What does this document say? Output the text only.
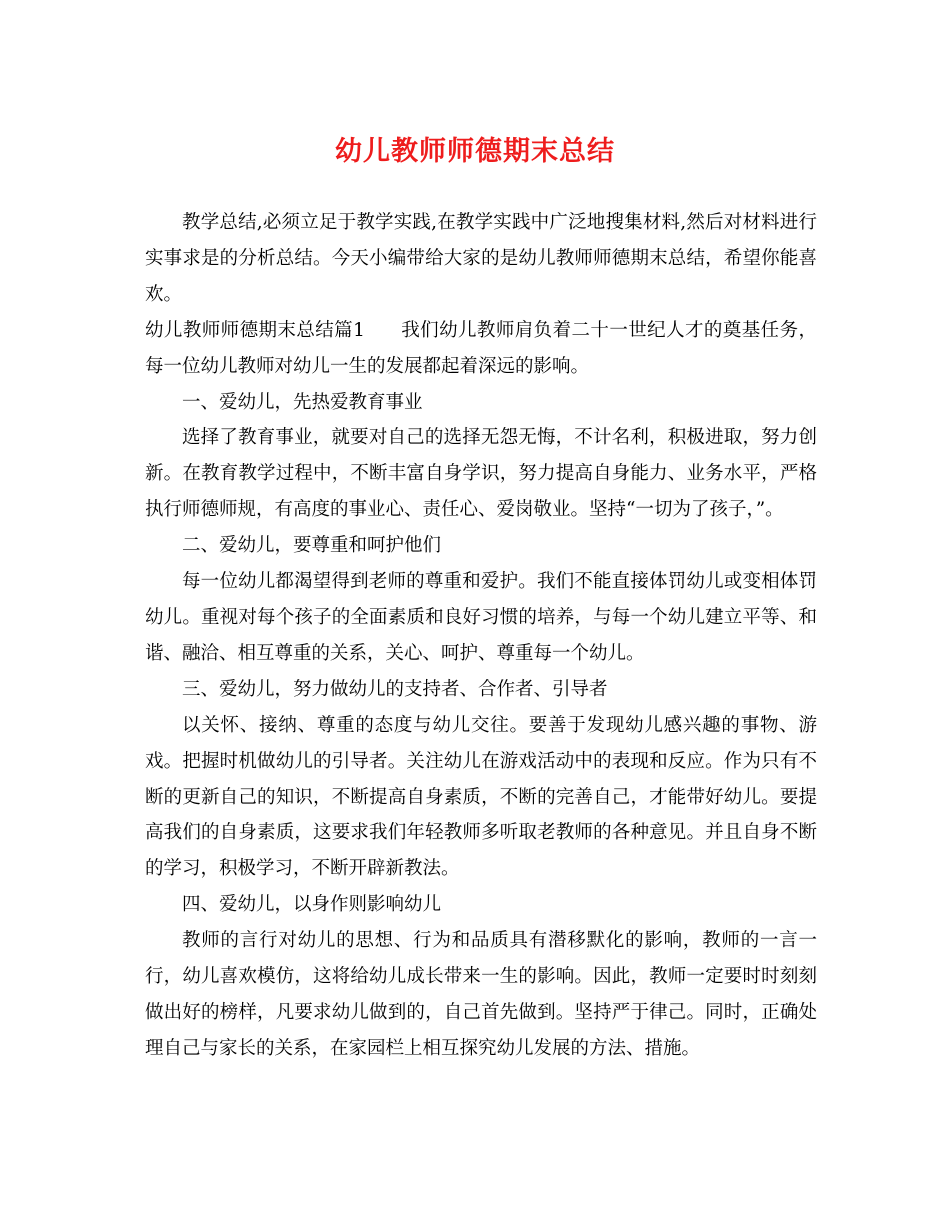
幼儿教师师德期末总结

教学总结,必须立足于教学实践,在教学实践中广泛地搜集材料,然后对材料进行实事求是的分析总结。今天小编带给大家的是幼儿教师师德期末总结，希望你能喜欢。

幼儿教师师德期末总结篇1 我们幼儿教师肩负着二十一世纪人才的奠基任务，每一位幼儿教师对幼儿一生的发展都起着深远的影响。

一、爱幼儿，先热爱教育事业

选择了教育事业，就要对自己的选择无怨无悔，不计名利，积极进取，努力创新。在教育教学过程中，不断丰富自身学识，努力提高自身能力、业务水平，严格执行师德师规，有高度的事业心、责任心、爱岗敬业。坚持“一切为了孩子，”。

二、爱幼儿，要尊重和呵护他们

每一位幼儿都渴望得到老师的尊重和爱护。我们不能直接体罚幼儿或变相体罚幼儿。重视对每个孩子的全面素质和良好习惯的培养，与每一个幼儿建立平等、和谐、融洽、相互尊重的关系，关心、呵护、尊重每一个幼儿。

三、爱幼儿，努力做幼儿的支持者、合作者、引导者

以关怀、接纳、尊重的态度与幼儿交往。要善于发现幼儿感兴趣的事物、游戏。把握时机做幼儿的引导者。关注幼儿在游戏活动中的表现和反应。作为只有不断的更新自己的知识，不断提高自身素质，不断的完善自己，才能带好幼儿。要提高我们的自身素质，这要求我们年轻教师多听取老教师的各种意见。并且自身不断的学习，积极学习，不断开辟新教法。

四、爱幼儿，以身作则影响幼儿

教师的言行对幼儿的思想、行为和品质具有潜移默化的影响，教师的一言一行，幼儿喜欢模仿，这将给幼儿成长带来一生的影响。因此，教师一定要时时刻刻做出好的榜样，凡要求幼儿做到的，自己首先做到。坚持严于律己。同时，正确处理自己与家长的关系，在家园栏上相互探究幼儿发展的方法、措施。
